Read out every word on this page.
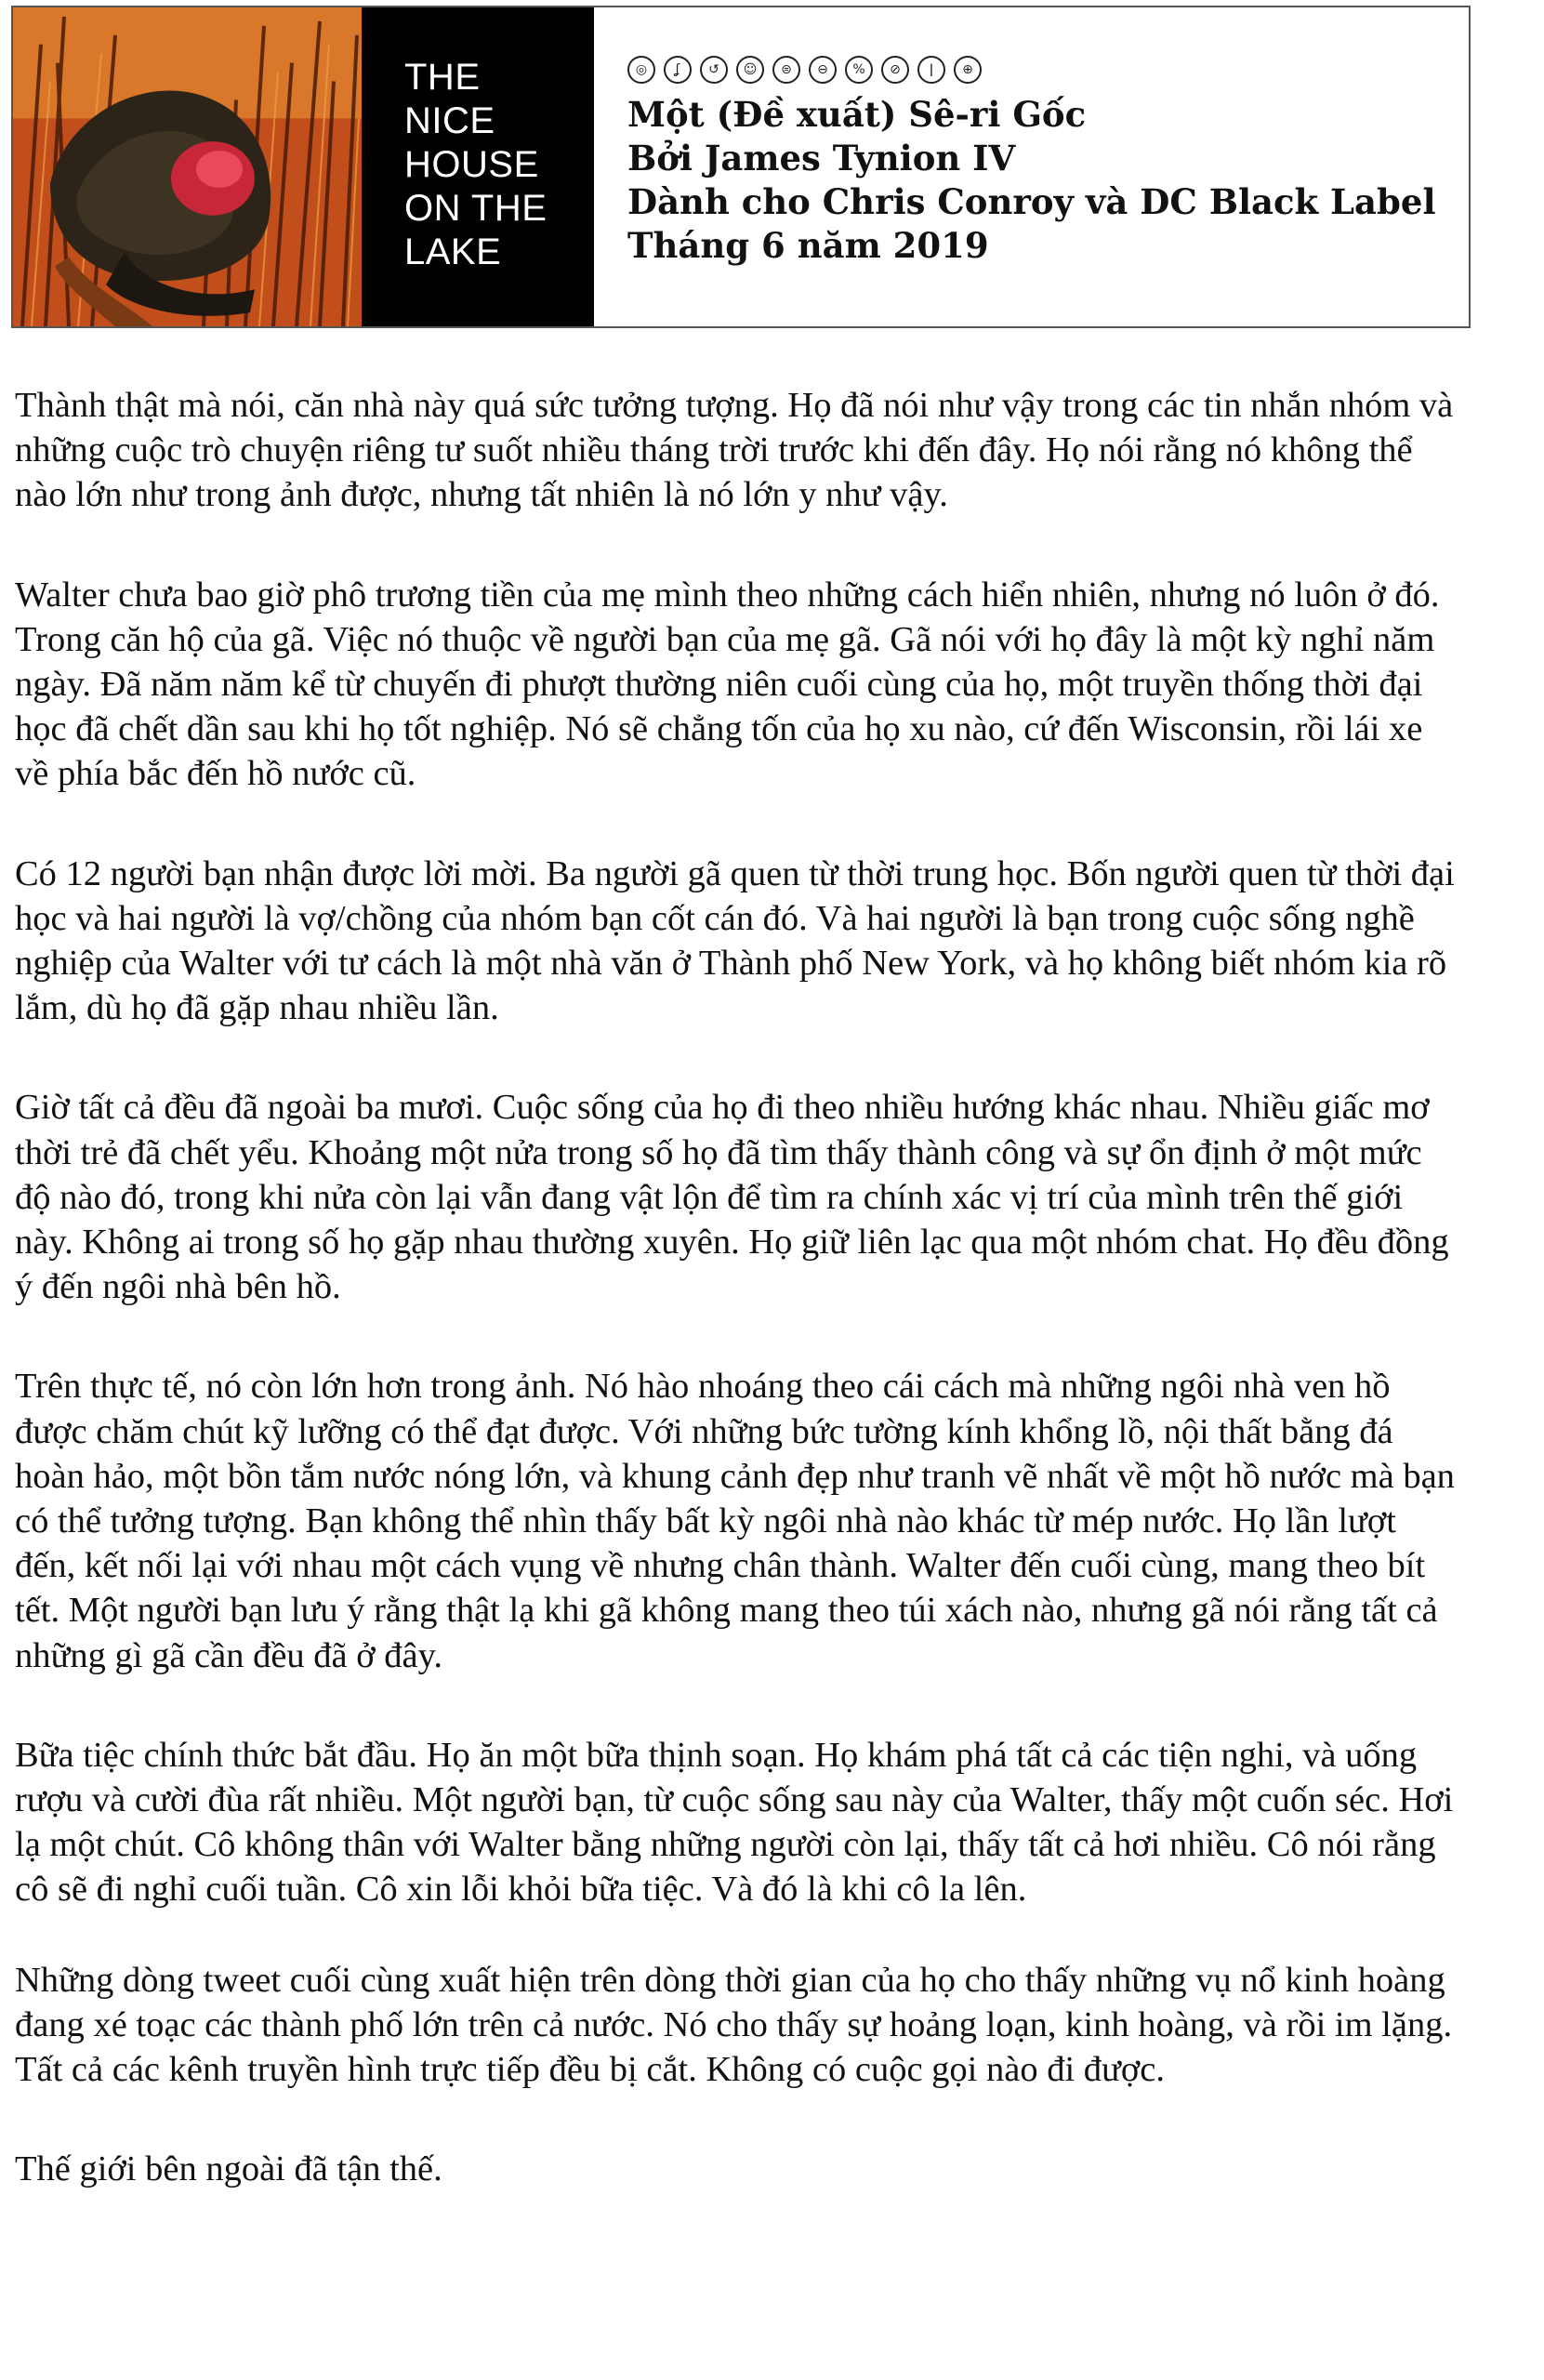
THE
NICE
HOUSE
ON THE
LAKE
◎	ʆ	↺	☺	⊜	⊖	%	⊘	ǀ	⊕
Một (Đề xuất) Sê-ri Gốc
Bởi James Tynion IV
Dành cho Chris Conroy và DC Black Label
Tháng 6 năm 2019

Thành thật mà nói, căn nhà này quá sức tưởng tượng. Họ đã nói như vậy trong các tin nhắn nhóm và những cuộc trò chuyện riêng tư suốt nhiều tháng trời trước khi đến đây. Họ nói rằng nó không thể nào lớn như trong ảnh được, nhưng tất nhiên là nó lớn y như vậy.

Walter chưa bao giờ phô trương tiền của mẹ mình theo những cách hiển nhiên, nhưng nó luôn ở đó. Trong căn hộ của gã. Việc nó thuộc về người bạn của mẹ gã. Gã nói với họ đây là một kỳ nghỉ năm ngày. Đã năm năm kể từ chuyến đi phượt thường niên cuối cùng của họ, một truyền thống thời đại học đã chết dần sau khi họ tốt nghiệp. Nó sẽ chẳng tốn của họ xu nào, cứ đến Wisconsin, rồi lái xe về phía bắc đến hồ nước cũ.

Có 12 người bạn nhận được lời mời. Ba người gã quen từ thời trung học. Bốn người quen từ thời đại học và hai người là vợ/chồng của nhóm bạn cốt cán đó. Và hai người là bạn trong cuộc sống nghề nghiệp của Walter với tư cách là một nhà văn ở Thành phố New York, và họ không biết nhóm kia rõ lắm, dù họ đã gặp nhau nhiều lần.

Giờ tất cả đều đã ngoài ba mươi. Cuộc sống của họ đi theo nhiều hướng khác nhau. Nhiều giấc mơ thời trẻ đã chết yểu. Khoảng một nửa trong số họ đã tìm thấy thành công và sự ổn định ở một mức độ nào đó, trong khi nửa còn lại vẫn đang vật lộn để tìm ra chính xác vị trí của mình trên thế giới này. Không ai trong số họ gặp nhau thường xuyên. Họ giữ liên lạc qua một nhóm chat. Họ đều đồng ý đến ngôi nhà bên hồ.

Trên thực tế, nó còn lớn hơn trong ảnh. Nó hào nhoáng theo cái cách mà những ngôi nhà ven hồ được chăm chút kỹ lưỡng có thể đạt được. Với những bức tường kính khổng lồ, nội thất bằng đá hoàn hảo, một bồn tắm nước nóng lớn, và khung cảnh đẹp như tranh vẽ nhất về một hồ nước mà bạn có thể tưởng tượng. Bạn không thể nhìn thấy bất kỳ ngôi nhà nào khác từ mép nước. Họ lần lượt đến, kết nối lại với nhau một cách vụng về nhưng chân thành. Walter đến cuối cùng, mang theo bít tết. Một người bạn lưu ý rằng thật lạ khi gã không mang theo túi xách nào, nhưng gã nói rằng tất cả những gì gã cần đều đã ở đây.

Bữa tiệc chính thức bắt đầu. Họ ăn một bữa thịnh soạn. Họ khám phá tất cả các tiện nghi, và uống rượu và cười đùa rất nhiều. Một người bạn, từ cuộc sống sau này của Walter, thấy một cuốn séc. Hơi lạ một chút. Cô không thân với Walter bằng những người còn lại, thấy tất cả hơi nhiều. Cô nói rằng cô sẽ đi nghỉ cuối tuần. Cô xin lỗi khỏi bữa tiệc. Và đó là khi cô la lên.

Những dòng tweet cuối cùng xuất hiện trên dòng thời gian của họ cho thấy những vụ nổ kinh hoàng đang xé toạc các thành phố lớn trên cả nước. Nó cho thấy sự hoảng loạn, kinh hoàng, và rồi im lặng. Tất cả các kênh truyền hình trực tiếp đều bị cắt. Không có cuộc gọi nào đi được.

Thế giới bên ngoài đã tận thế.
